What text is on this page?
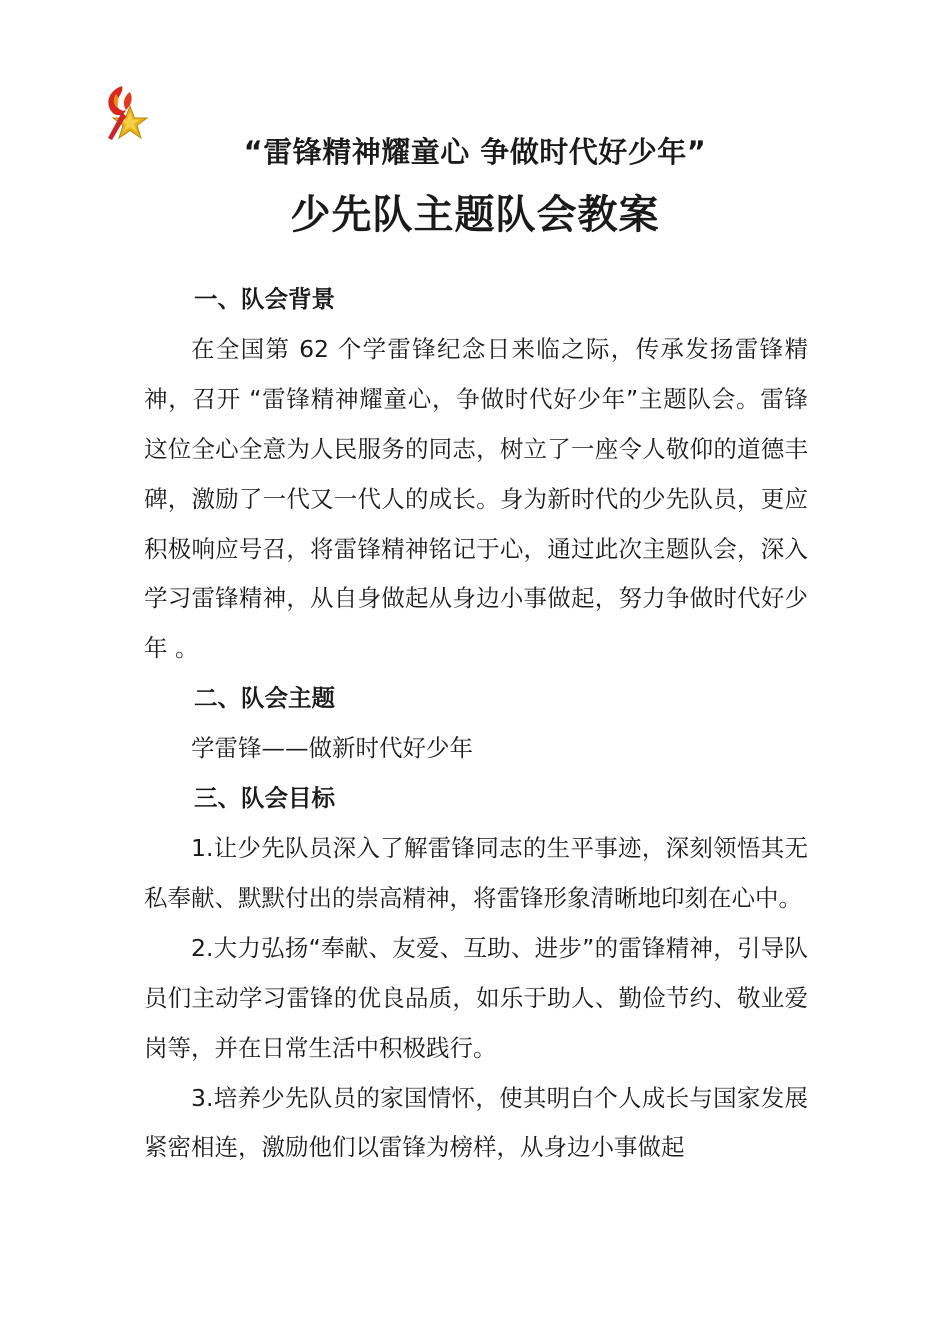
“雷锋精神耀童心 争做时代好少年”
少先队主题队会教案
一、队会背景

在全国第 62 个学雷锋纪念日来临之际，传承发扬雷锋精神，召开 “雷锋精神耀童心，争做时代好少年”主题队会。雷锋这位全心全意为人民服务的同志，树立了一座令人敬仰的道德丰碑，激励了一代又一代人的成长。身为新时代的少先队员，更应积极响应号召，将雷锋精神铭记于心，通过此次主题队会，深入学习雷锋精神，从自身做起从身边小事做起，努力争做时代好少年 。

二、队会主题

学雷锋——做新时代好少年

三、队会目标

1.让少先队员深入了解雷锋同志的生平事迹，深刻领悟其无私奉献、默默付出的崇高精神，将雷锋形象清晰地印刻在心中。

2.大力弘扬“奉献、友爱、互助、进步”的雷锋精神，引导队员们主动学习雷锋的优良品质，如乐于助人、勤俭节约、敬业爱岗等，并在日常生活中积极践行。

3.培养少先队员的家国情怀，使其明白个人成长与国家发展紧密相连，激励他们以雷锋为榜样，从身边小事做起
